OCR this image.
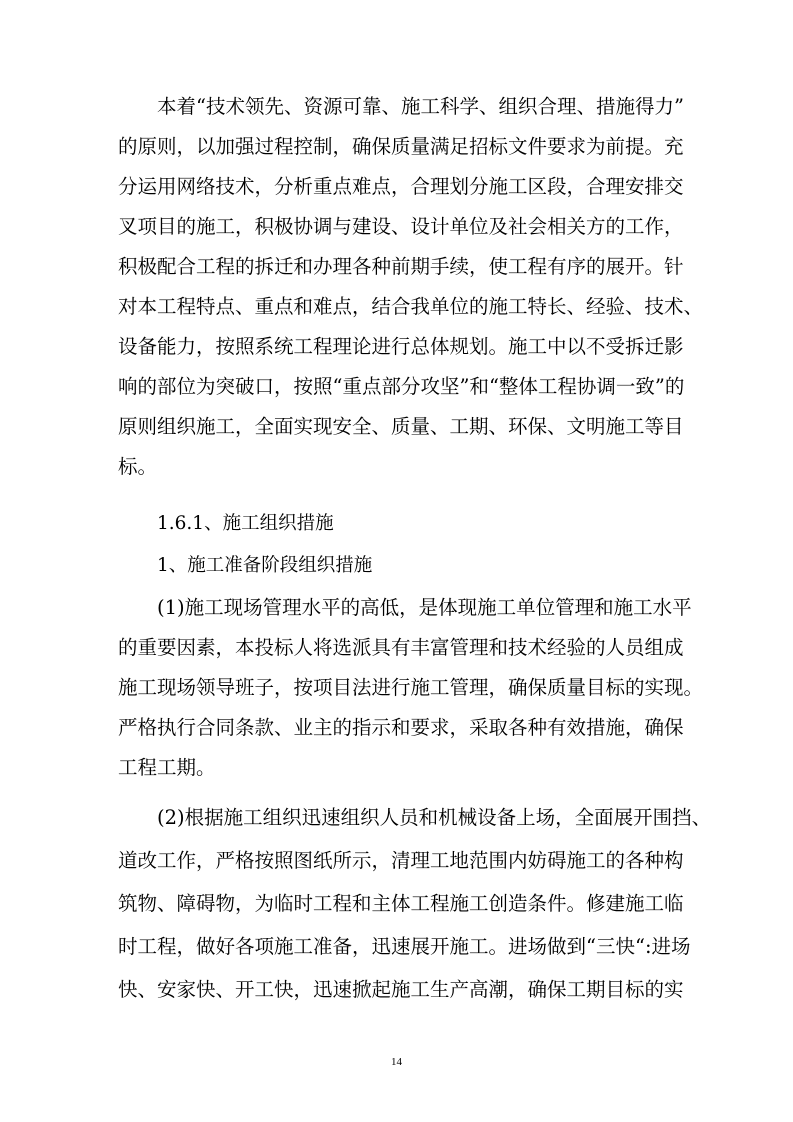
本着“技术领先、资源可靠、施工科学、组织合理、措施得力”
的原则，以加强过程控制，确保质量满足招标文件要求为前提。充
分运用网络技术，分析重点难点，合理划分施工区段，合理安排交
叉项目的施工，积极协调与建设、设计单位及社会相关方的工作，
积极配合工程的拆迁和办理各种前期手续，使工程有序的展开。针
对本工程特点、重点和难点，结合我单位的施工特长、经验、技术、
设备能力，按照系统工程理论进行总体规划。施工中以不受拆迁影
响的部位为突破口，按照“重点部分攻坚”和“整体工程协调一致”的
原则组织施工，全面实现安全、质量、工期、环保、文明施工等目
标。
1.6.1、施工组织措施
1、施工准备阶段组织措施
(1)施工现场管理水平的高低，是体现施工单位管理和施工水平
的重要因素，本投标人将选派具有丰富管理和技术经验的人员组成
施工现场领导班子，按项目法进行施工管理，确保质量目标的实现。
严格执行合同条款、业主的指示和要求，采取各种有效措施，确保
工程工期。
(2)根据施工组织迅速组织人员和机械设备上场，全面展开围挡、
道改工作，严格按照图纸所示，清理工地范围内妨碍施工的各种构
筑物、障碍物，为临时工程和主体工程施工创造条件。修建施工临
时工程，做好各项施工准备，迅速展开施工。进场做到“三快“:进场
快、安家快、开工快，迅速掀起施工生产高潮，确保工期目标的实
14
